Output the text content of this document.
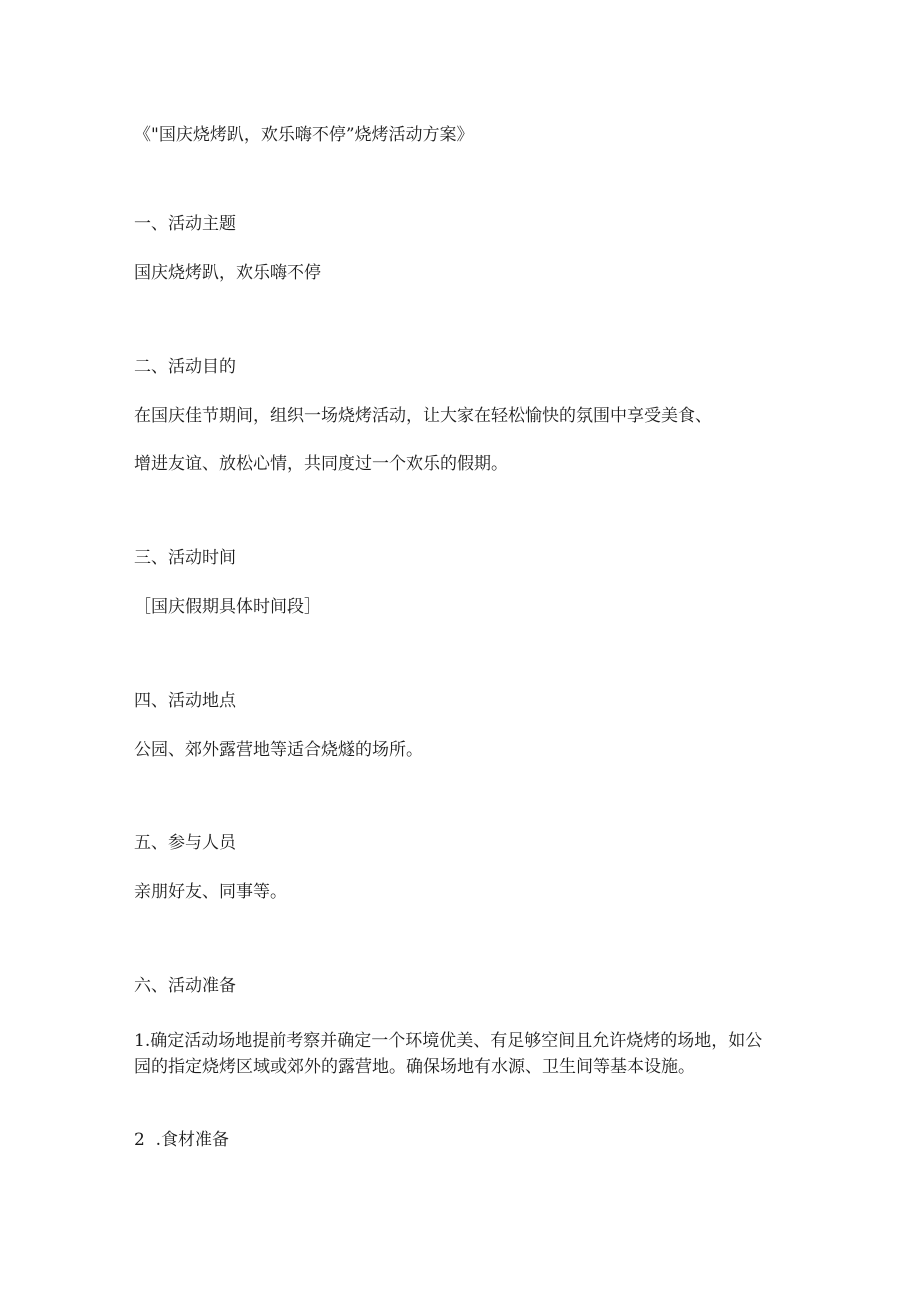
《"国庆烧烤趴，欢乐嗨不停”烧烤活动方案》
一、活动主题
国庆烧烤趴，欢乐嗨不停
二、活动目的
在国庆佳节期间，组织一场烧烤活动，让大家在轻松愉快的氛围中享受美食、
增进友谊、放松心情，共同度过一个欢乐的假期。
三、活动时间
［国庆假期具体时间段］
四、活动地点
公园、郊外露营地等适合烧燧的场所。
五、参与人员
亲朋好友、同事等。
六、活动准备
1.确定活动场地提前考察并确定一个环境优美、有足够空间且允许烧烤的场地，如公园的指定烧烤区域或郊外的露营地。确保场地有水源、卫生间等基本设施。
2  .食材准备
